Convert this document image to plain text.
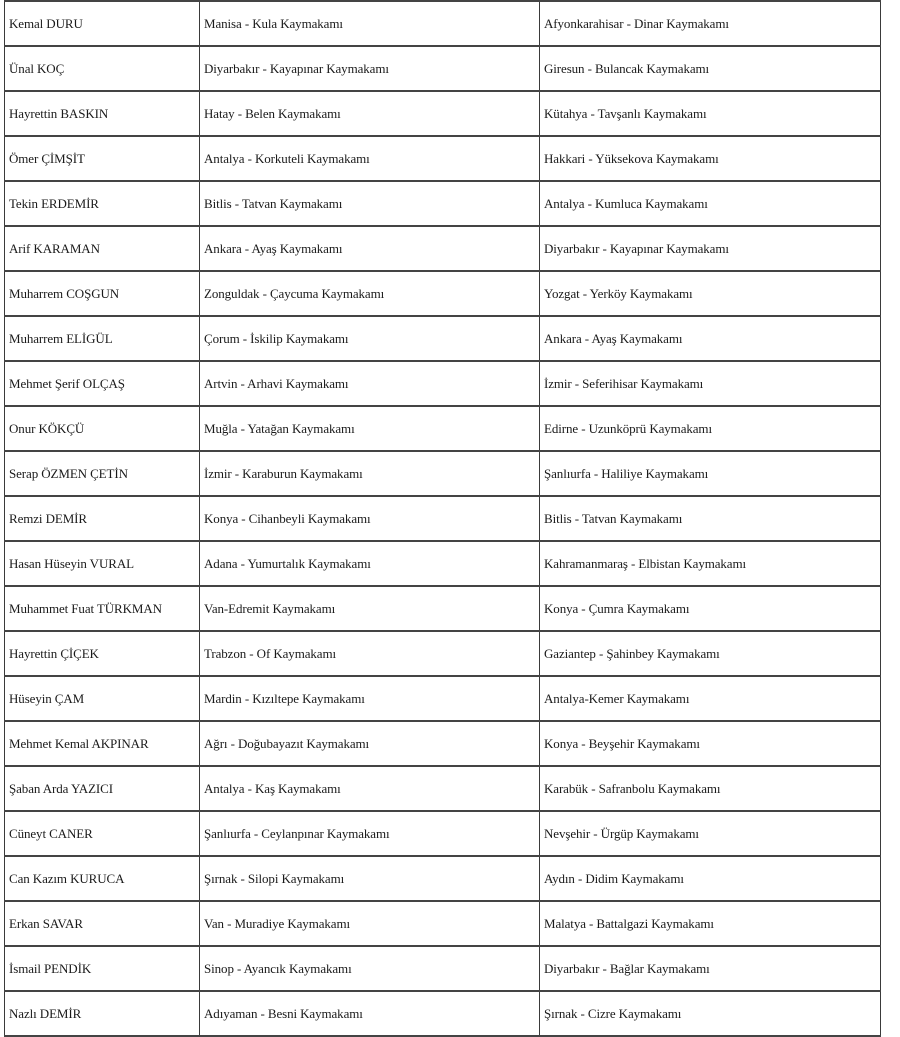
Kemal DURU	Manisa - Kula Kaymakamı	Afyonkarahisar - Dinar Kaymakamı
Ünal KOÇ	Diyarbakır - Kayapınar Kaymakamı	Giresun - Bulancak Kaymakamı
Hayrettin BASKIN	Hatay - Belen Kaymakamı	Kütahya - Tavşanlı Kaymakamı
Ömer ÇİMŞİT	Antalya - Korkuteli Kaymakamı	Hakkari - Yüksekova Kaymakamı
Tekin ERDEMİR	Bitlis - Tatvan Kaymakamı	Antalya - Kumluca Kaymakamı
Arif KARAMAN	Ankara - Ayaş Kaymakamı	Diyarbakır - Kayapınar Kaymakamı
Muharrem COŞGUN	Zonguldak - Çaycuma Kaymakamı	Yozgat - Yerköy Kaymakamı
Muharrem ELİGÜL	Çorum - İskilip Kaymakamı	Ankara - Ayaş Kaymakamı
Mehmet Şerif OLÇAŞ	Artvin - Arhavi Kaymakamı	İzmir - Seferihisar Kaymakamı
Onur KÖKÇÜ	Muğla - Yatağan Kaymakamı	Edirne - Uzunköprü Kaymakamı
Serap ÖZMEN ÇETİN	İzmir - Karaburun Kaymakamı	Şanlıurfa - Haliliye Kaymakamı
Remzi DEMİR	Konya - Cihanbeyli Kaymakamı	Bitlis - Tatvan Kaymakamı
Hasan Hüseyin VURAL	Adana - Yumurtalık Kaymakamı	Kahramanmaraş - Elbistan Kaymakamı
Muhammet Fuat TÜRKMAN	Van-Edremit Kaymakamı	Konya - Çumra Kaymakamı
Hayrettin ÇİÇEK	Trabzon - Of Kaymakamı	Gaziantep - Şahinbey Kaymakamı
Hüseyin ÇAM	Mardin - Kızıltepe Kaymakamı	Antalya-Kemer Kaymakamı
Mehmet Kemal AKPINAR	Ağrı - Doğubayazıt Kaymakamı	Konya - Beyşehir Kaymakamı
Şaban Arda YAZICI	Antalya - Kaş Kaymakamı	Karabük - Safranbolu Kaymakamı
Cüneyt CANER	Şanlıurfa - Ceylanpınar Kaymakamı	Nevşehir - Ürgüp Kaymakamı
Can Kazım KURUCA	Şırnak - Silopi Kaymakamı	Aydın - Didim Kaymakamı
Erkan SAVAR	Van - Muradiye Kaymakamı	Malatya - Battalgazi Kaymakamı
İsmail PENDİK	Sinop - Ayancık Kaymakamı	Diyarbakır - Bağlar Kaymakamı
Nazlı DEMİR	Adıyaman - Besni Kaymakamı	Şırnak - Cizre Kaymakamı
